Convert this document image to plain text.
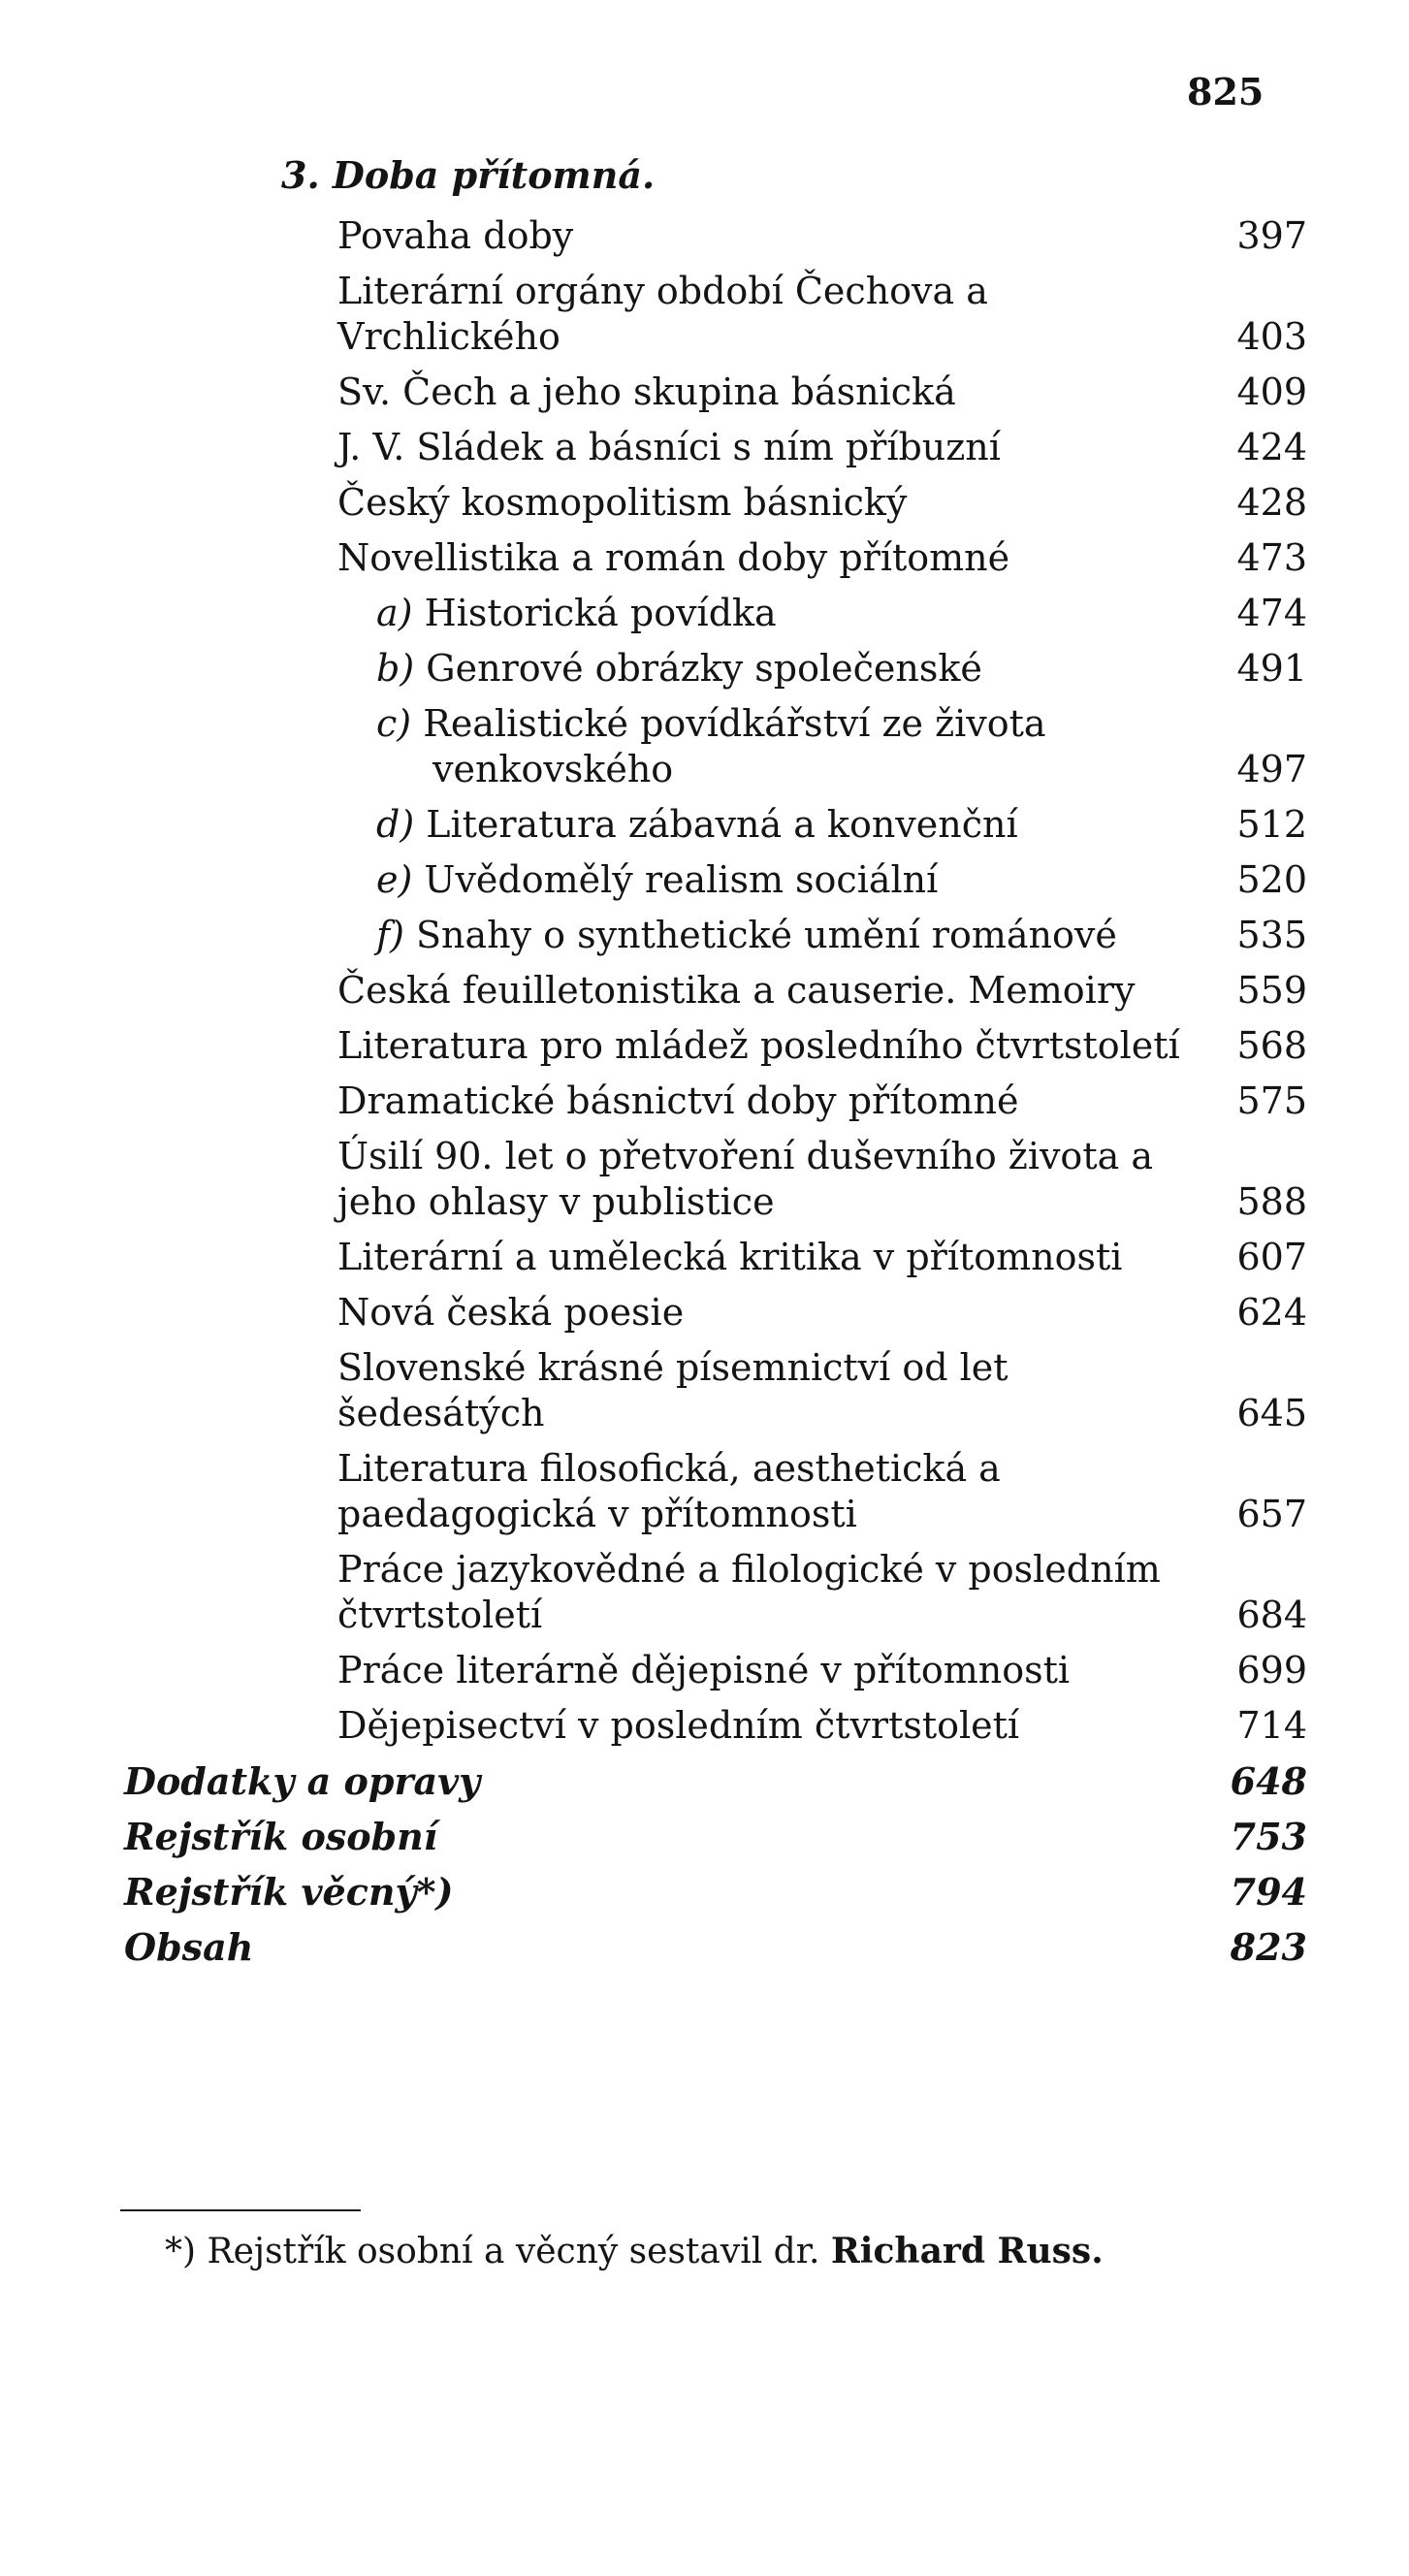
825
3. Doba přítomná.
Povaha doby	397
Literární orgány období Čechova a Vrchlického	403
Sv. Čech a jeho skupina básnická	409
J. V. Sládek a básníci s ním příbuzní	424
Český kosmopolitism básnický	428
Novellistika a román doby přítomné	473
a) Historická povídka	474
b) Genrové obrázky společenské	491
c) Realistické povídkářství ze života venkovského	497
d) Literatura zábavná a konvenční	512
e) Uvědomělý realism sociální	520
f) Snahy o synthetické umění románové	535
Česká feuilletonistika a causerie. Memoiry	559
Literatura pro mládež posledního čtvrtstoletí	568
Dramatické básnictví doby přítomné	575
Úsilí 90. let o přetvoření duševního života a jeho ohlasy v publistice	588
Literární a umělecká kritika v přítomnosti	607
Nová česká poesie	624
Slovenské krásné písemnictví od let šedesátých	645
Literatura filosofická, aesthetická a paedagogická v přítomnosti	657
Práce jazykovědné a filologické v posledním čtvrtstoletí	684
Práce literárně dějepisné v přítomnosti	699
Dějepisectví v posledním čtvrtstoletí	714
Dodatky a opravy	648
Rejstřík osobní	753
Rejstřík věcný*)	794
Obsah	823
*) Rejstřík osobní a věcný sestavil dr. Richard Russ.
